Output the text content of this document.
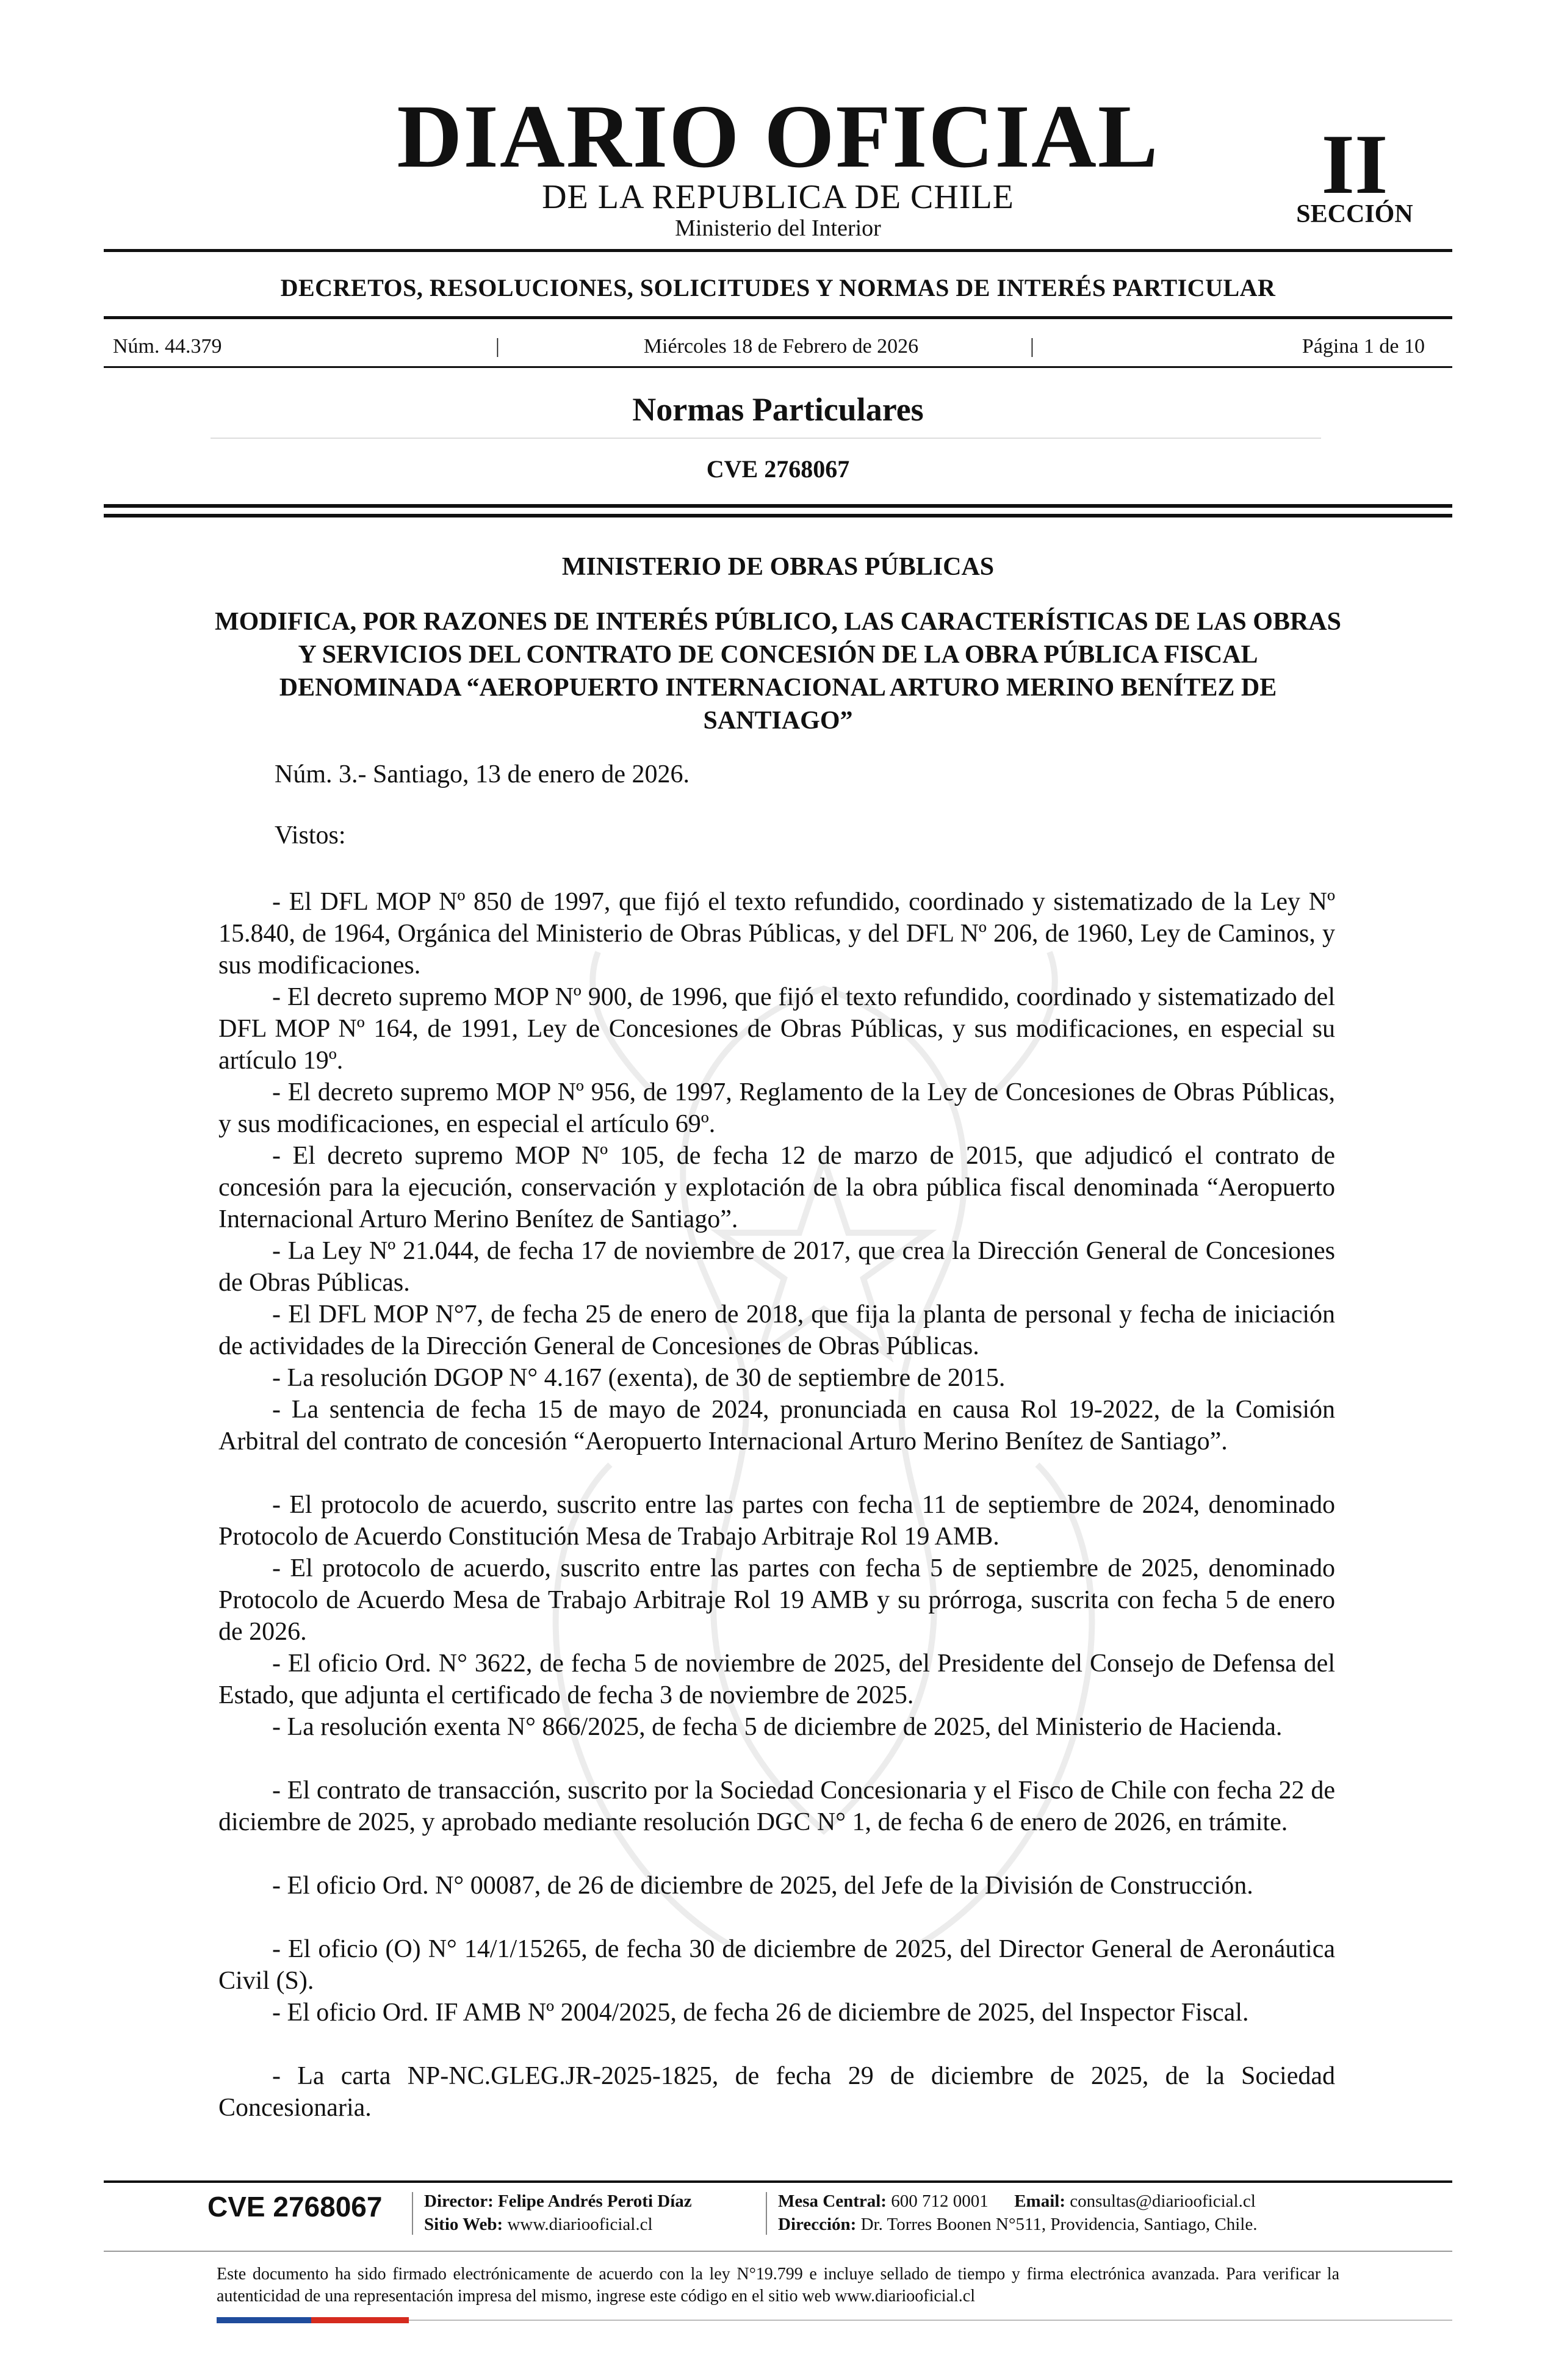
DIARIO OFICIAL
DE LA REPUBLICA DE CHILE
Ministerio del Interior
II
SECCIÓN
DECRETOS, RESOLUCIONES, SOLICITUDES Y NORMAS DE INTERÉS PARTICULAR
Núm. 44.379	|	Miércoles 18 de Febrero de 2026	|	Página 1 de 10
Normas Particulares
CVE 2768067
MINISTERIO DE OBRAS PÚBLICAS
MODIFICA, POR RAZONES DE INTERÉS PÚBLICO, LAS CARACTERÍSTICAS DE LAS OBRAS Y SERVICIOS DEL CONTRATO DE CONCESIÓN DE LA OBRA PÚBLICA FISCAL DENOMINADA “AEROPUERTO INTERNACIONAL ARTURO MERINO BENÍTEZ DE SANTIAGO”
Núm. 3.- Santiago, 13 de enero de 2026.
Vistos:
- El DFL MOP Nº 850 de 1997, que fijó el texto refundido, coordinado y sistematizado de la Ley Nº 15.840, de 1964, Orgánica del Ministerio de Obras Públicas, y del DFL Nº 206, de 1960, Ley de Caminos, y sus modificaciones.
- El decreto supremo MOP Nº 900, de 1996, que fijó el texto refundido, coordinado y sistematizado del DFL MOP Nº 164, de 1991, Ley de Concesiones de Obras Públicas, y sus modificaciones, en especial su artículo 19º.
- El decreto supremo MOP Nº 956, de 1997, Reglamento de la Ley de Concesiones de Obras Públicas, y sus modificaciones, en especial el artículo 69º.
- El decreto supremo MOP Nº 105, de fecha 12 de marzo de 2015, que adjudicó el contrato de concesión para la ejecución, conservación y explotación de la obra pública fiscal denominada “Aeropuerto Internacional Arturo Merino Benítez de Santiago”.
- La Ley Nº 21.044, de fecha 17 de noviembre de 2017, que crea la Dirección General de Concesiones de Obras Públicas.
- El DFL MOP N°7, de fecha 25 de enero de 2018, que fija la planta de personal y fecha de iniciación de actividades de la Dirección General de Concesiones de Obras Públicas.
- La resolución DGOP N° 4.167 (exenta), de 30 de septiembre de 2015.
- La sentencia de fecha 15 de mayo de 2024, pronunciada en causa Rol 19-2022, de la Comisión Arbitral del contrato de concesión “Aeropuerto Internacional Arturo Merino Benítez de Santiago”.
- El protocolo de acuerdo, suscrito entre las partes con fecha 11 de septiembre de 2024, denominado Protocolo de Acuerdo Constitución Mesa de Trabajo Arbitraje Rol 19 AMB.
- El protocolo de acuerdo, suscrito entre las partes con fecha 5 de septiembre de 2025, denominado Protocolo de Acuerdo Mesa de Trabajo Arbitraje Rol 19 AMB y su prórroga, suscrita con fecha 5 de enero de 2026.
- El oficio Ord. N° 3622, de fecha 5 de noviembre de 2025, del Presidente del Consejo de Defensa del Estado, que adjunta el certificado de fecha 3 de noviembre de 2025.
- La resolución exenta N° 866/2025, de fecha 5 de diciembre de 2025, del Ministerio de Hacienda.
- El contrato de transacción, suscrito por la Sociedad Concesionaria y el Fisco de Chile con fecha 22 de diciembre de 2025, y aprobado mediante resolución DGC N° 1, de fecha 6 de enero de 2026, en trámite.
- El oficio Ord. N° 00087, de 26 de diciembre de 2025, del Jefe de la División de Construcción.
- El oficio (O) N° 14/1/15265, de fecha 30 de diciembre de 2025, del Director General de Aeronáutica Civil (S).
- El oficio Ord. IF AMB Nº 2004/2025, de fecha 26 de diciembre de 2025, del Inspector Fiscal.
- La carta NP-NC.GLEG.JR-2025-1825, de fecha 29 de diciembre de 2025, de la Sociedad Concesionaria.
CVE 2768067	Director: Felipe Andrés Peroti Díaz
Sitio Web: www.diariooficial.cl
Mesa Central: 600 712 0001 Email: consultas@diariooficial.cl
Dirección: Dr. Torres Boonen N°511, Providencia, Santiago, Chile.
Este documento ha sido firmado electrónicamente de acuerdo con la ley N°19.799 e incluye sellado de tiempo y firma electrónica avanzada. Para verificar la autenticidad de una representación impresa del mismo, ingrese este código en el sitio web www.diariooficial.cl
